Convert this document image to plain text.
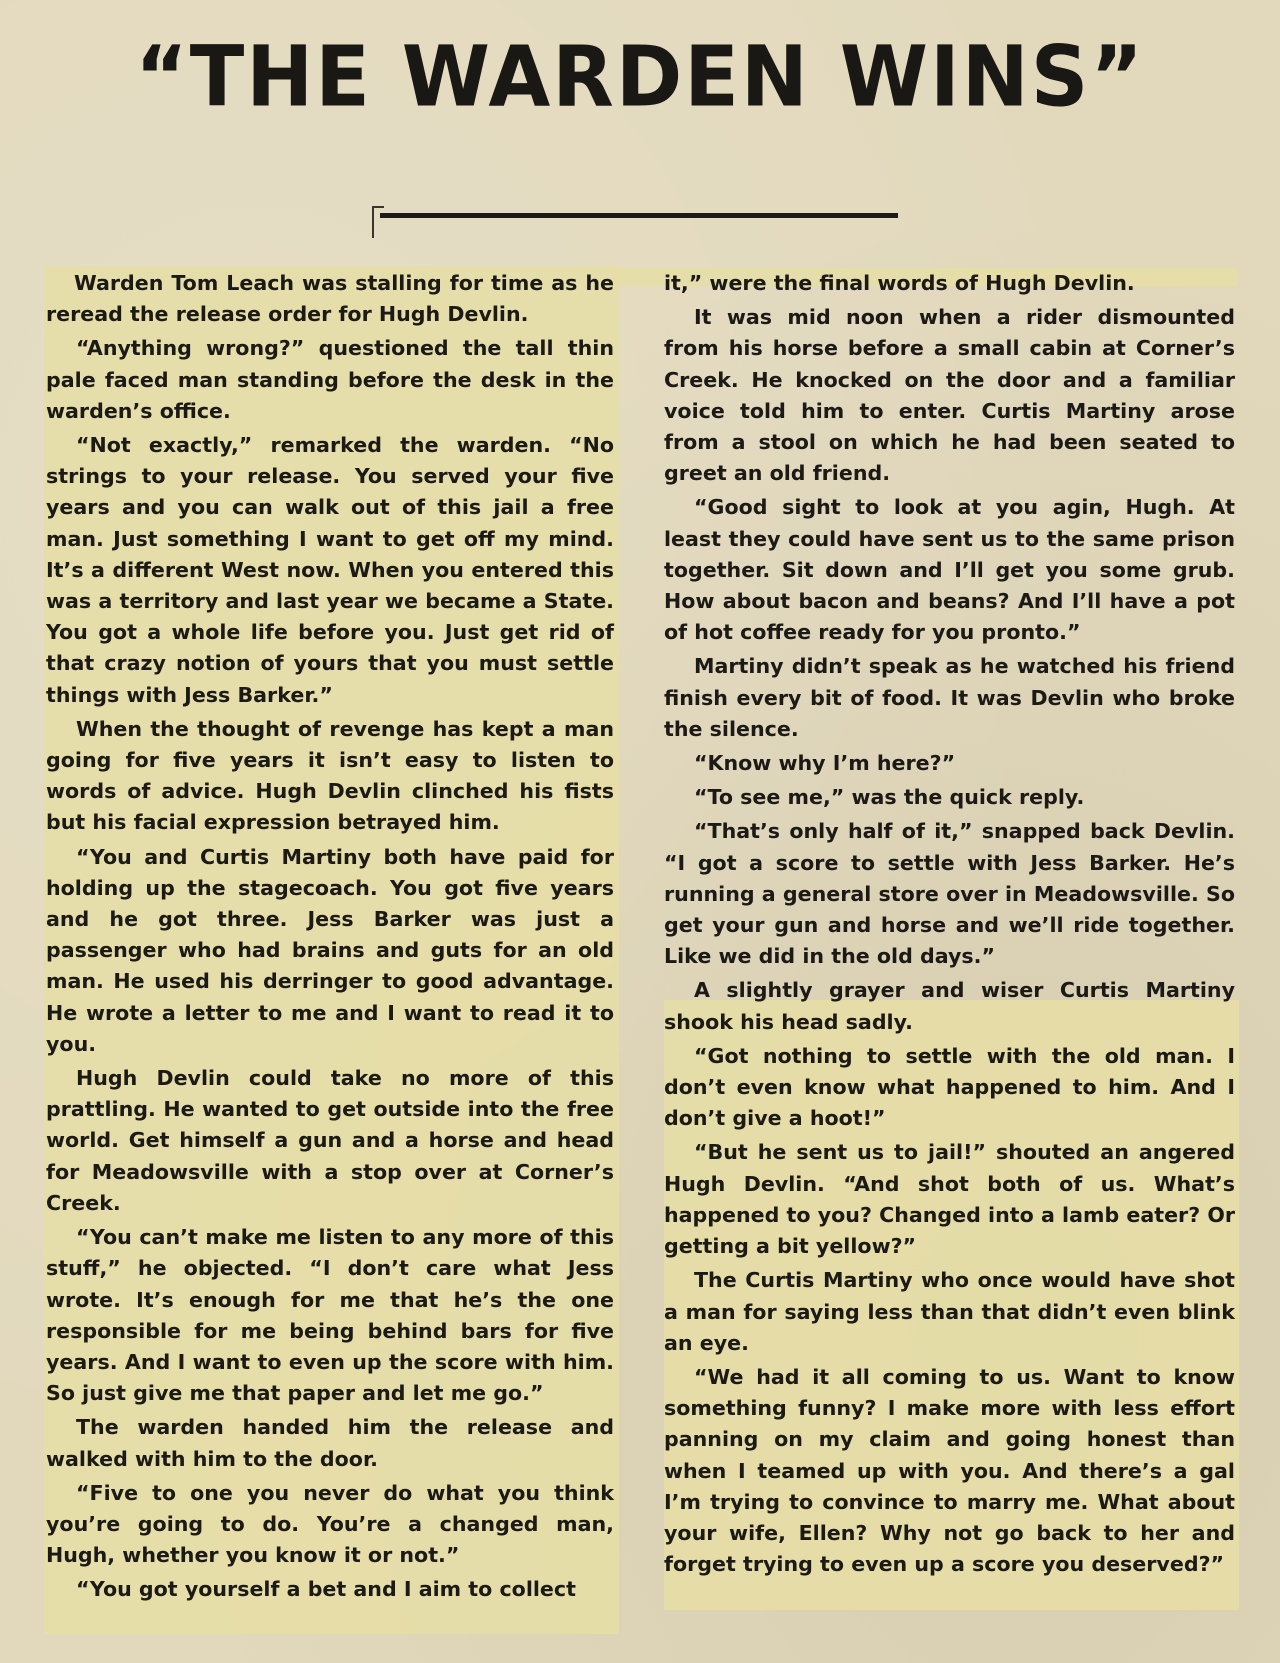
“THE WARDEN WINS”

Warden Tom Leach was stalling for time as he reread the release order for Hugh Devlin.

“Anything wrong?” questioned the tall thin pale faced man standing before the desk in the warden’s office.

“Not exactly,” remarked the warden. “No strings to your release. You served your five years and you can walk out of this jail a free man. Just something I want to get off my mind. It’s a different West now. When you entered this was a territory and last year we became a State. You got a whole life before you. Just get rid of that crazy notion of yours that you must settle things with Jess Barker.”

When the thought of revenge has kept a man going for five years it isn’t easy to listen to words of advice. Hugh Devlin clinched his fists but his facial expression betrayed him.

“You and Curtis Martiny both have paid for holding up the stagecoach. You got five years and he got three. Jess Barker was just a passenger who had brains and guts for an old man. He used his derringer to good advantage. He wrote a letter to me and I want to read it to you.

Hugh Devlin could take no more of this prattling. He wanted to get outside into the free world. Get himself a gun and a horse and head for Meadowsville with a stop over at Corner’s Creek.

“You can’t make me listen to any more of this stuff,” he objected. “I don’t care what Jess wrote. It’s enough for me that he’s the one responsible for me being behind bars for five years. And I want to even up the score with him. So just give me that paper and let me go.”

The warden handed him the release and walked with him to the door.

“Five to one you never do what you think you’re going to do. You’re a changed man, Hugh, whether you know it or not.”

“You got yourself a bet and I aim to collect

it,” were the final words of Hugh Devlin.

It was mid noon when a rider dismounted from his horse before a small cabin at Corner’s Creek. He knocked on the door and a familiar voice told him to enter. Curtis Martiny arose from a stool on which he had been seated to greet an old friend.

“Good sight to look at you agin, Hugh. At least they could have sent us to the same prison together. Sit down and I’ll get you some grub. How about bacon and beans? And I’ll have a pot of hot coffee ready for you pronto.”

Martiny didn’t speak as he watched his friend finish every bit of food. It was Devlin who broke the silence.

“Know why I’m here?”

“To see me,” was the quick reply.

“That’s only half of it,” snapped back Devlin. “I got a score to settle with Jess Barker. He’s running a general store over in Meadowsville. So get your gun and horse and we’ll ride together. Like we did in the old days.”

A slightly grayer and wiser Curtis Martiny shook his head sadly.

“Got nothing to settle with the old man. I don’t even know what happened to him. And I don’t give a hoot!”

“But he sent us to jail!” shouted an angered Hugh Devlin. “And shot both of us. What’s happened to you? Changed into a lamb eater? Or getting a bit yellow?”

The Curtis Martiny who once would have shot a man for saying less than that didn’t even blink an eye.

“We had it all coming to us. Want to know something funny? I make more with less effort panning on my claim and going honest than when I teamed up with you. And there’s a gal I’m trying to convince to marry me. What about your wife, Ellen? Why not go back to her and forget trying to even up a score you deserved?”
